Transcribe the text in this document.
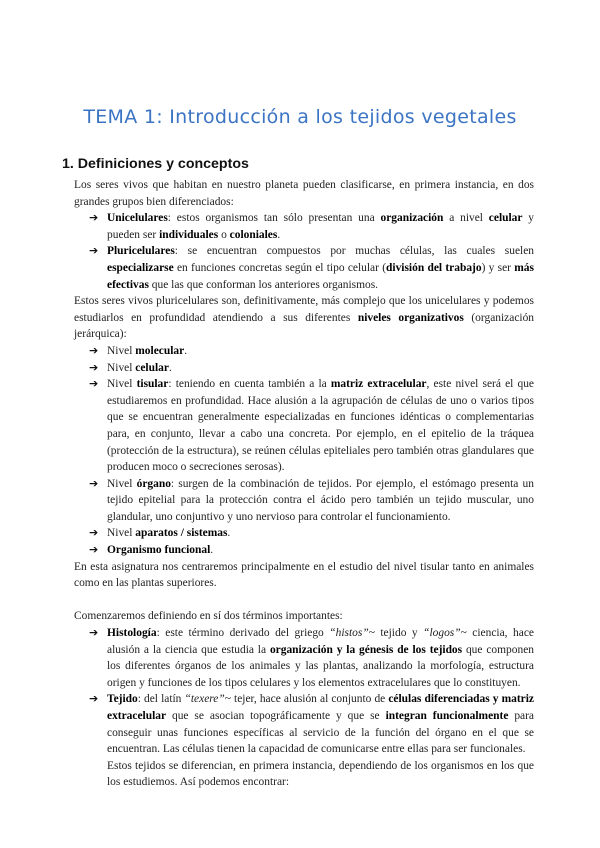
TEMA 1: Introducción a los tejidos vegetales
1. Definiciones y conceptos

Los seres vivos que habitan en nuestro planeta pueden clasificarse, en primera instancia, en dos grandes grupos bien diferenciados:

➔ Unicelulares: estos organismos tan sólo presentan una organización a nivel celular y pueden ser individuales o coloniales.
➔ Pluricelulares: se encuentran compuestos por muchas células, las cuales suelen especializarse en funciones concretas según el tipo celular (división del trabajo) y ser más efectivas que las que conforman los anteriores organismos.

Estos seres vivos pluricelulares son, definitivamente, más complejo que los unicelulares y podemos estudiarlos en profundidad atendiendo a sus diferentes niveles organizativos (organización jerárquica):

➔ Nivel molecular.
➔ Nivel celular.
➔ Nivel tisular: teniendo en cuenta también a la matriz extracelular, este nivel será el que estudiaremos en profundidad. Hace alusión a la agrupación de células de uno o varios tipos que se encuentran generalmente especializadas en funciones idénticas o complementarias para, en conjunto, llevar a cabo una concreta. Por ejemplo, en el epitelio de la tráquea (protección de la estructura), se reúnen células epiteliales pero también otras glandulares que producen moco o secreciones serosas).
➔ Nivel órgano: surgen de la combinación de tejidos. Por ejemplo, el estómago presenta un tejido epitelial para la protección contra el ácido pero también un tejido muscular, uno glandular, uno conjuntivo y uno nervioso para controlar el funcionamiento.
➔ Nivel aparatos / sistemas.
➔ Organismo funcional.

En esta asignatura nos centraremos principalmente en el estudio del nivel tisular tanto en animales como en las plantas superiores.

Comenzaremos definiendo en sí dos términos importantes:

➔ Histología: este término derivado del griego “histos”~ tejido y “logos”~ ciencia, hace alusión a la ciencia que estudia la organización y la génesis de los tejidos que componen los diferentes órganos de los animales y las plantas, analizando la morfología, estructura origen y funciones de los tipos celulares y los elementos extracelulares que lo constituyen.
➔ Tejido: del latín “texere”~ tejer, hace alusión al conjunto de células diferenciadas y matriz extracelular que se asocian topográficamente y que se integran funcionalmente para conseguir unas funciones específicas al servicio de la función del órgano en el que se encuentran. Las células tienen la capacidad de comunicarse entre ellas para ser funcionales.
Estos tejidos se diferencian, en primera instancia, dependiendo de los organismos en los que los estudiemos. Así podemos encontrar:
